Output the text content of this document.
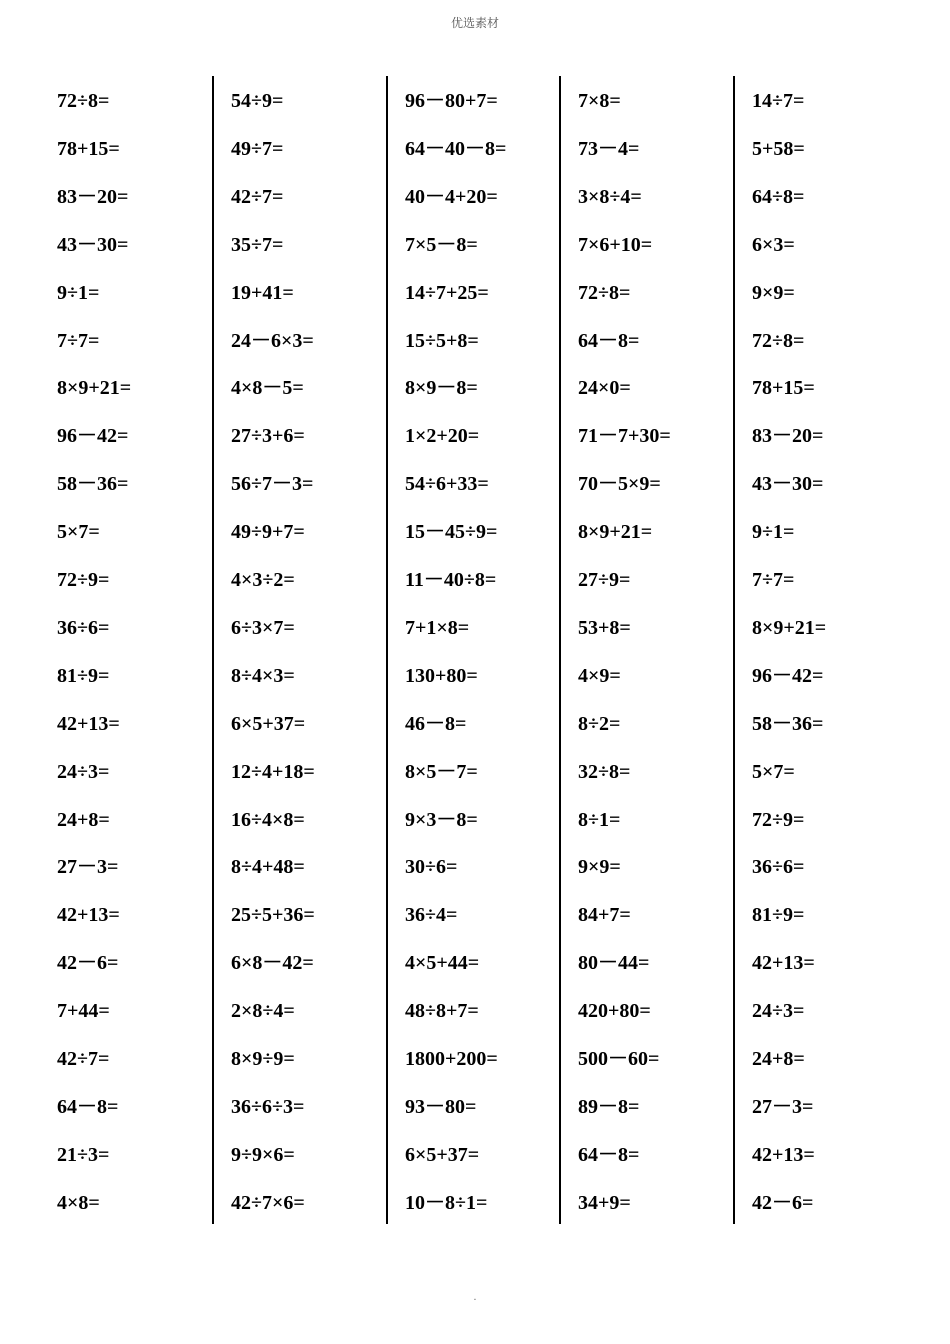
优选素材
72÷8=
78+15=
83－20=
43－30=
9÷1=
7÷7=
8×9+21=
96－42=
58－36=
5×7=
72÷9=
36÷6=
81÷9=
42+13=
24÷3=
24+8=
27－3=
42+13=
42－6=
7+44=
42÷7=
64－8=
21÷3=
4×8=
54÷9=
49÷7=
42÷7=
35÷7=
19+41=
24－6×3=
4×8－5=
27÷3+6=
56÷7－3=
49÷9+7=
4×3÷2=
6÷3×7=
8÷4×3=
6×5+37=
12÷4+18=
16÷4×8=
8÷4+48=
25÷5+36=
6×8－42=
2×8÷4=
8×9÷9=
36÷6÷3=
9÷9×6=
42÷7×6=
96－80+7=
64－40－8=
40－4+20=
7×5－8=
14÷7+25=
15÷5+8=
8×9－8=
1×2+20=
54÷6+33=
15－45÷9=
11－40÷8=
7+1×8=
130+80=
46－8=
8×5－7=
9×3－8=
30÷6=
36÷4=
4×5+44=
48÷8+7=
1800+200=
93－80=
6×5+37=
10－8÷1=
7×8=
73－4=
3×8÷4=
7×6+10=
72÷8=
64－8=
24×0=
71－7+30=
70－5×9=
8×9+21=
27÷9=
53+8=
4×9=
8÷2=
32÷8=
8÷1=
9×9=
84+7=
80－44=
420+80=
500－60=
89－8=
64－8=
34+9=
14÷7=
5+58=
64÷8=
6×3=
9×9=
72÷8=
78+15=
83－20=
43－30=
9÷1=
7÷7=
8×9+21=
96－42=
58－36=
5×7=
72÷9=
36÷6=
81÷9=
42+13=
24÷3=
24+8=
27－3=
42+13=
42－6=
.
